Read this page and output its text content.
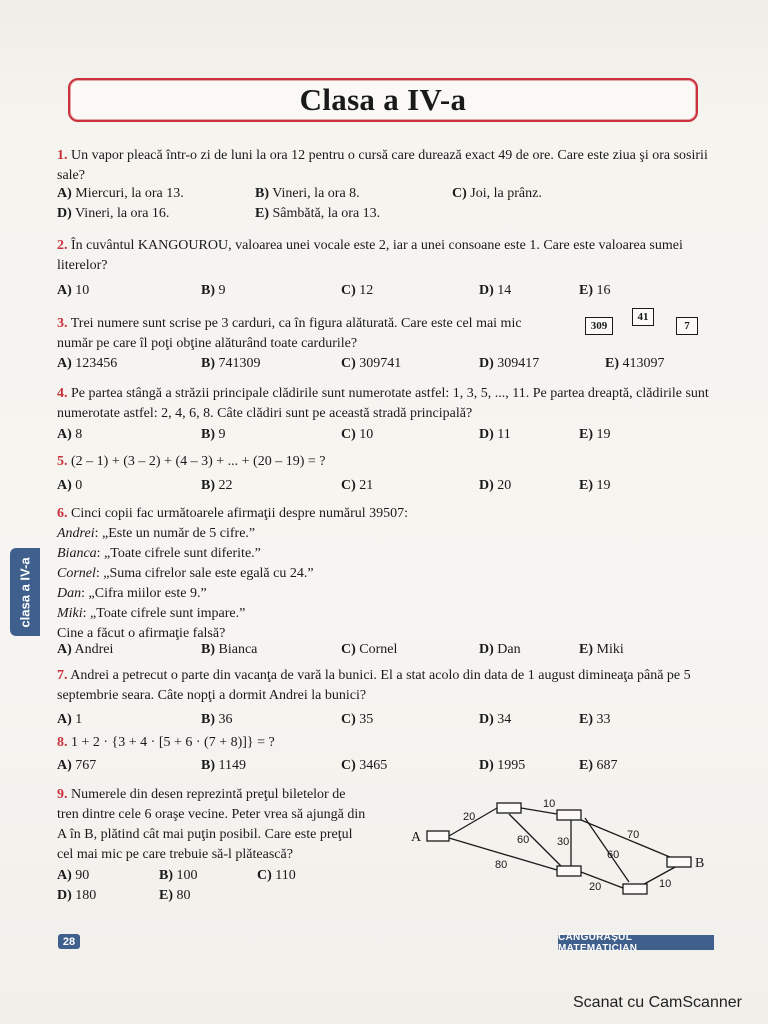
Clasa a IV-a
1. Un vapor pleacă într-o zi de luni la ora 12 pentru o cursă care durează exact 49 de ore. Care este ziua şi ora sosirii sale?
A) Miercuri, la ora 13.	B) Vineri, la ora 8.	C) Joi, la prânz.
D) Vineri, la ora 16.	E) Sâmbătă, la ora 13.
2. În cuvântul KANGOUROU, valoarea unei vocale este 2, iar a unei consoane este 1. Care este valoarea sumei literelor?
A) 10	B) 9	C) 12	D) 14	E) 16
3. Trei numere sunt scrise pe 3 carduri, ca în figura alăturată. Care este cel mai mic
număr pe care îl poţi obţine alăturând toate cardurile?
309
41
7
A) 123456	B) 741309	C) 309741	D) 309417	E) 413097
4. Pe partea stângă a străzii principale clădirile sunt numerotate astfel: 1, 3, 5, ..., 11. Pe partea dreaptă, clădirile sunt numerotate astfel: 2, 4, 6, 8. Câte clădiri sunt pe această stradă principală?
A) 8	B) 9	C) 10	D) 11	E) 19
5. (2 – 1) + (3 – 2) + (4 – 3) + ... + (20 – 19) = ?
A) 0	B) 22	C) 21	D) 20	E) 19
6. Cinci copii fac următoarele afirmaţii despre numărul 39507:
Andrei: „Este un număr de 5 cifre.”
Bianca: „Toate cifrele sunt diferite.”
Cornel: „Suma cifrelor sale este egală cu 24.”
Dan: „Cifra miilor este 9.”
Miki: „Toate cifrele sunt impare.”
Cine a făcut o afirmaţie falsă?
A) Andrei	B) Bianca	C) Cornel	D) Dan	E) Miki
7. Andrei a petrecut o parte din vacanţa de vară la bunici. El a stat acolo din data de 1 august dimineaţa până pe 5 septembrie seara. Câte nopţi a dormit Andrei la bunici?
A) 1	B) 36	C) 35	D) 34	E) 33
8. 1 + 2 · {3 + 4 · [5 + 6 · (7 + 8)]} = ?
A) 767	B) 1149	C) 3465	D) 1995	E) 687
9. Numerele din desen reprezintă preţul biletelor de
tren dintre cele 6 oraşe vecine. Peter vrea să ajungă din
A în B, plătind cât mai puţin posibil. Care este preţul
cel mai mic pe care trebuie să-l plătească?
A) 90	B) 100	C) 110
D) 180	E) 80
A
B
20
10
60	30
70
60
80
20	10
clasa a IV-a
28	CANGURAȘUL MATEMATICIAN
Scanat cu CamScanner
